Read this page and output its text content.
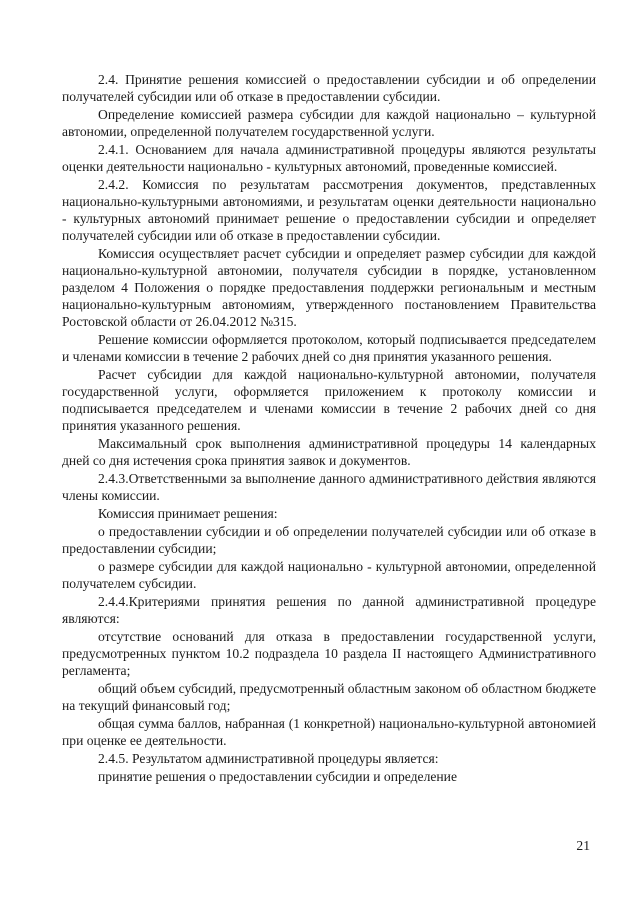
2.4. Принятие решения комиссией о предоставлении субсидии и об определении получателей субсидии или об отказе в предоставлении субсидии.

Определение комиссией размера субсидии для каждой национально – культурной автономии, определенной получателем государственной услуги.

2.4.1. Основанием для начала административной процедуры являются результаты оценки деятельности национально - культурных автономий, проведенные комиссией.

2.4.2. Комиссия по результатам рассмотрения документов, представленных национально-культурными автономиями, и результатам оценки деятельности национально - культурных автономий принимает решение о предоставлении субсидии и определяет получателей субсидии или об отказе в предоставлении субсидии.

Комиссия осуществляет расчет субсидии и определяет размер субсидии для каждой национально-культурной автономии, получателя субсидии в порядке, установленном разделом 4 Положения о порядке предоставления поддержки региональным и местным национально-культурным автономиям, утвержденного постановлением Правительства Ростовской области от 26.04.2012 №315.

Решение комиссии оформляется протоколом, который подписывается председателем и членами комиссии в течение 2 рабочих дней со дня принятия указанного решения.

Расчет субсидии для каждой национально-культурной автономии, получателя государственной услуги, оформляется приложением к протоколу комиссии и подписывается председателем и членами комиссии в течение 2 рабочих дней со дня принятия указанного решения.

Максимальный срок выполнения административной процедуры 14 календарных дней со дня истечения срока принятия заявок и документов.

2.4.3.Ответственными за выполнение данного административного действия являются члены комиссии.

Комиссия принимает решения:

о предоставлении субсидии и об определении получателей субсидии или об отказе в предоставлении субсидии;

о размере субсидии для каждой национально - культурной автономии, определенной получателем субсидии.

2.4.4.Критериями принятия решения по данной административной процедуре являются:

отсутствие оснований для отказа в предоставлении государственной услуги, предусмотренных пунктом 10.2 подраздела 10 раздела II настоящего Административного регламента;

общий объем субсидий, предусмотренный областным законом об областном бюджете на текущий финансовый год;

общая сумма баллов, набранная (1 конкретной) национально-культурной автономией при оценке ее деятельности.

2.4.5. Результатом административной процедуры является:

принятие решения о предоставлении субсидии и определение

21
